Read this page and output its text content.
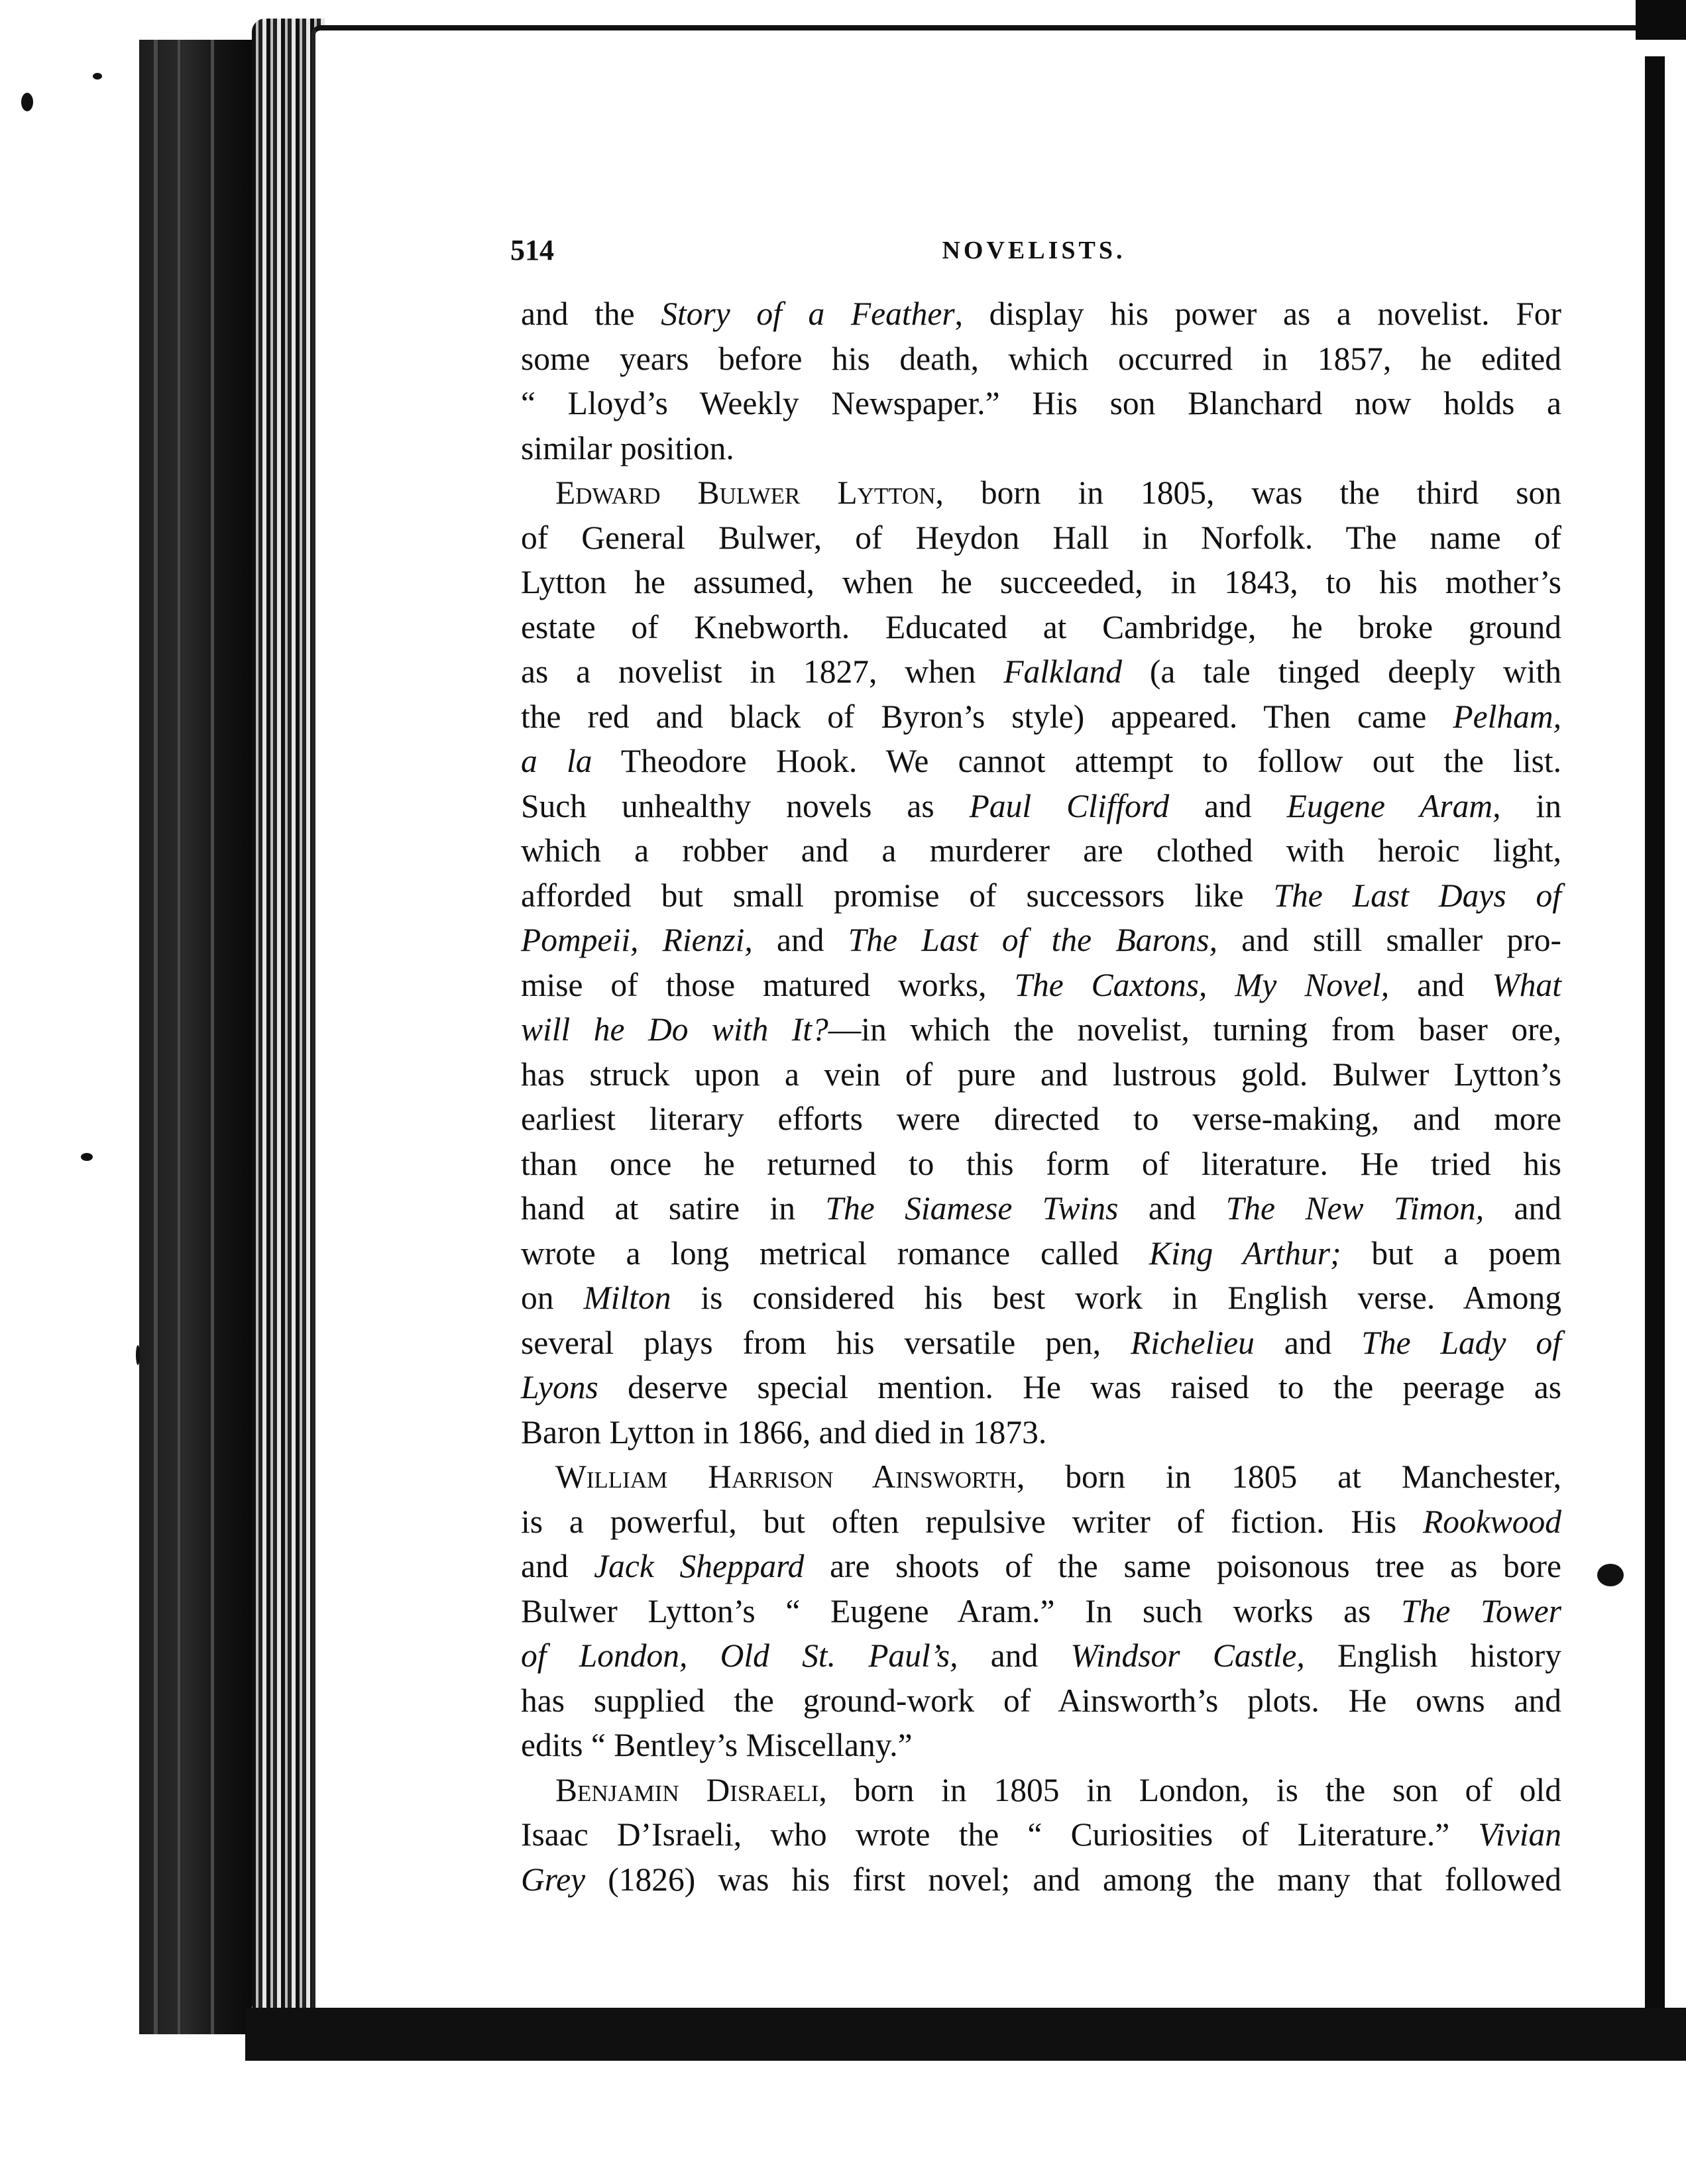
514	NOVELISTS.
and the Story of a Feather, display his power as a novelist. For
some years before his death, which occurred in 1857, he edited
“ Lloyd’s Weekly Newspaper.” His son Blanchard now holds a
similar position.
Edward Bulwer Lytton, born in 1805, was the third son
of General Bulwer, of Heydon Hall in Norfolk. The name of
Lytton he assumed, when he succeeded, in 1843, to his mother’s
estate of Knebworth. Educated at Cambridge, he broke ground
as a novelist in 1827, when Falkland (a tale tinged deeply with
the red and black of Byron’s style) appeared. Then came Pelham,
a la Theodore Hook. We cannot attempt to follow out the list.
Such unhealthy novels as Paul Clifford and Eugene Aram, in
which a robber and a murderer are clothed with heroic light,
afforded but small promise of successors like The Last Days of
Pompeii, Rienzi, and The Last of the Barons, and still smaller pro-
mise of those matured works, The Caxtons, My Novel, and What
will he Do with It?—in which the novelist, turning from baser ore,
has struck upon a vein of pure and lustrous gold. Bulwer Lytton’s
earliest literary efforts were directed to verse-making, and more
than once he returned to this form of literature. He tried his
hand at satire in The Siamese Twins and The New Timon, and
wrote a long metrical romance called King Arthur; but a poem
on Milton is considered his best work in English verse. Among
several plays from his versatile pen, Richelieu and The Lady of
Lyons deserve special mention. He was raised to the peerage as
Baron Lytton in 1866, and died in 1873.
William Harrison Ainsworth, born in 1805 at Manchester,
is a powerful, but often repulsive writer of fiction. His Rookwood
and Jack Sheppard are shoots of the same poisonous tree as bore
Bulwer Lytton’s “ Eugene Aram.” In such works as The Tower
of London, Old St. Paul’s, and Windsor Castle, English history
has supplied the ground-work of Ainsworth’s plots. He owns and
edits “ Bentley’s Miscellany.”
Benjamin Disraeli, born in 1805 in London, is the son of old
Isaac D’Israeli, who wrote the “ Curiosities of Literature.” Vivian
Grey (1826) was his first novel; and among the many that followed
